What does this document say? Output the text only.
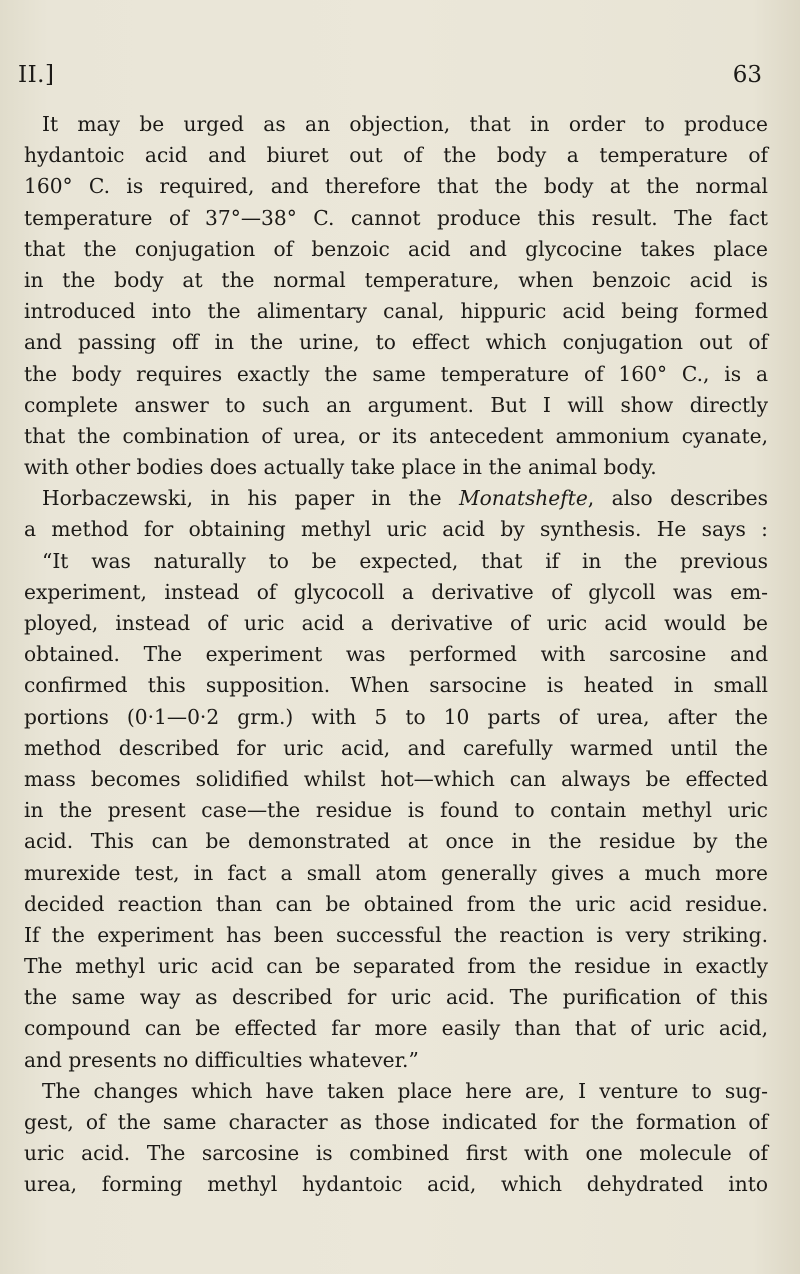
II.]	63
It may be urged as an objection, that in order to produce
hydantoic acid and biuret out of the body a temperature of
160° C. is required, and therefore that the body at the normal
temperature of 37°—38° C. cannot produce this result. The fact
that the conjugation of benzoic acid and glycocine takes place
in the body at the normal temperature, when benzoic acid is
introduced into the alimentary canal, hippuric acid being formed
and passing off in the urine, to effect which conjugation out of
the body requires exactly the same temperature of 160° C., is a
complete answer to such an argument. But I will show directly
that the combination of urea, or its antecedent ammonium cyanate,
with other bodies does actually take place in the animal body.
Horbaczewski, in his paper in the Monatshefte, also describes
a method for obtaining methyl uric acid by synthesis. He says :
“It was naturally to be expected, that if in the previous
experiment, instead of glycocoll a derivative of glycoll was em-
ployed, instead of uric acid a derivative of uric acid would be
obtained. The experiment was performed with sarcosine and
confirmed this supposition. When sarsocine is heated in small
portions (0·1—0·2 grm.) with 5 to 10 parts of urea, after the
method described for uric acid, and carefully warmed until the
mass becomes solidified whilst hot—which can always be effected
in the present case—the residue is found to contain methyl uric
acid. This can be demonstrated at once in the residue by the
murexide test, in fact a small atom generally gives a much more
decided reaction than can be obtained from the uric acid residue.
If the experiment has been successful the reaction is very striking.
The methyl uric acid can be separated from the residue in exactly
the same way as described for uric acid. The purification of this
compound can be effected far more easily than that of uric acid,
and presents no difficulties whatever.”
The changes which have taken place here are, I venture to sug-
gest, of the same character as those indicated for the formation of
uric acid. The sarcosine is combined first with one molecule of
urea, forming methyl hydantoic acid, which dehydrated into
